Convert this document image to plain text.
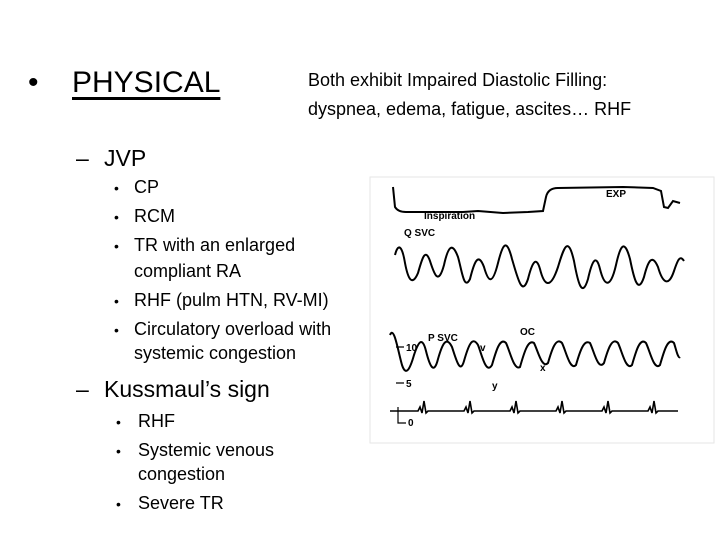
• PHYSICAL	Both exhibit Impaired Diastolic Filling:
dyspnea, edema, fatigue, ascites… RHF
– JVP
• CP
• RCM
• TR with an enlarged
compliant RA
• RHF (pulm HTN, RV-MI)
• Circulatory overload with
systemic congestion
– Kussmaul’s sign
• RHF
• Systemic venous
congestion
• Severe TR
EXP
Inspiration
Q SVC
P SVC
OC
v
x
y
10
5
0
